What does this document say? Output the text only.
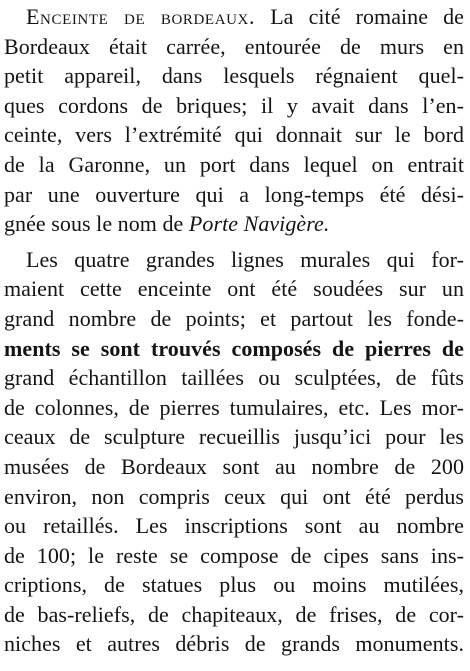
Enceinte de bordeaux. La cité romaine de
Bordeaux était carrée, entourée de murs en
petit appareil, dans lesquels régnaient quel-
ques cordons de briques; il y avait dans l’en-
ceinte, vers l’extrémité qui donnait sur le bord
de la Garonne, un port dans lequel on entrait
par une ouverture qui a long-temps été dési-
gnée sous le nom de Porte Navigère.
Les quatre grandes lignes murales qui for-
maient cette enceinte ont été soudées sur un
grand nombre de points; et partout les fonde-
ments se sont trouvés composés de pierres de
grand échantillon taillées ou sculptées, de fûts
de colonnes, de pierres tumulaires, etc. Les mor-
ceaux de sculpture recueillis jusqu’ici pour les
musées de Bordeaux sont au nombre de 200
environ, non compris ceux qui ont été perdus
ou retaillés. Les inscriptions sont au nombre
de 100; le reste se compose de cipes sans ins-
criptions, de statues plus ou moins mutilées,
de bas-reliefs, de chapiteaux, de frises, de cor-
niches et autres débris de grands monuments.
